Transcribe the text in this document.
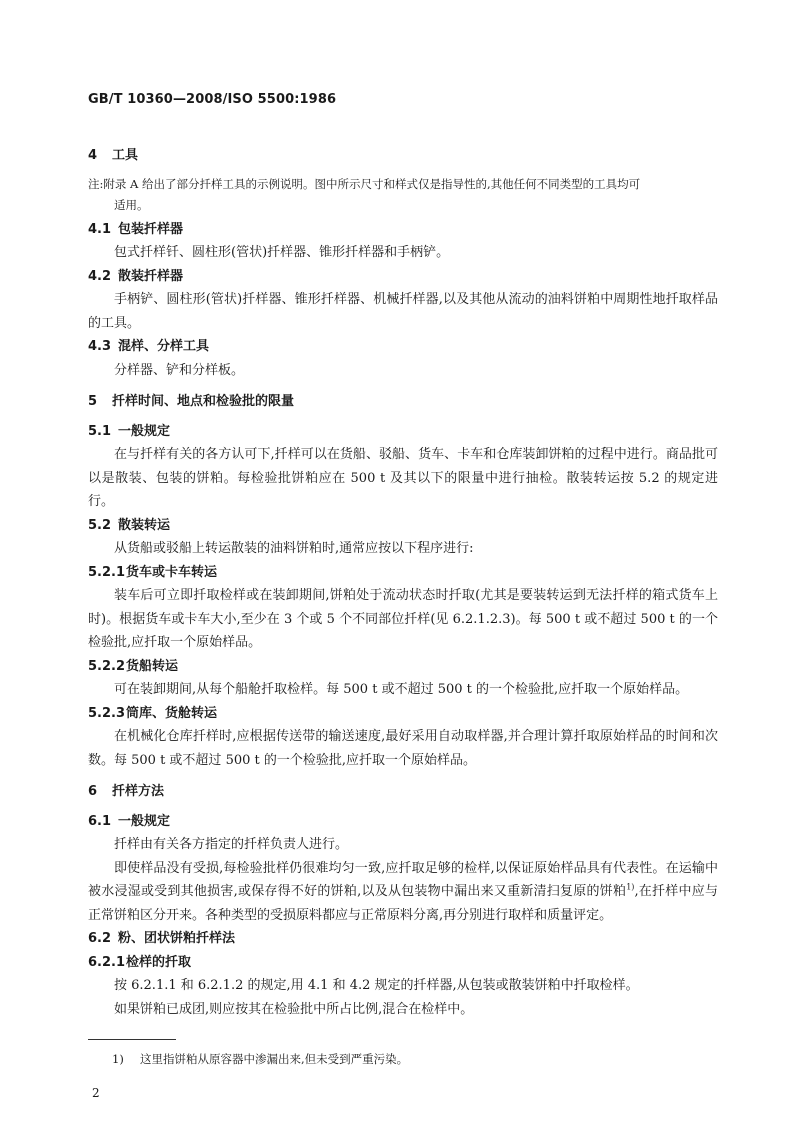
GB/T 10360—2008/ISO 5500:1986
4 工具
注:附录 A 给出了部分扦样工具的示例说明。图中所示尺寸和样式仅是指导性的,其他任何不同类型的工具均可
适用。
4.1 包装扦样器

包式扦样钎、圆柱形(管状)扦样器、锥形扦样器和手柄铲。

4.2 散装扦样器

手柄铲、圆柱形(管状)扦样器、锥形扦样器、机械扦样器,以及其他从流动的油料饼粕中周期性地扦取样品的工具。

4.3 混样、分样工具

分样器、铲和分样板。

5 扦样时间、地点和检验批的限量
5.1 一般规定

在与扦样有关的各方认可下,扦样可以在货船、驳船、货车、卡车和仓库装卸饼粕的过程中进行。商品批可以是散装、包装的饼粕。每检验批饼粕应在 500 t 及其以下的限量中进行抽检。散装转运按 5.2 的规定进行。

5.2 散装转运

从货船或驳船上转运散装的油料饼粕时,通常应按以下程序进行:

5.2.1货车或卡车转运

装车后可立即扦取检样或在装卸期间,饼粕处于流动状态时扦取(尤其是要装转运到无法扦样的箱式货车上时)。根据货车或卡车大小,至少在 3 个或 5 个不同部位扦样(见 6.2.1.2.3)。每 500 t 或不超过 500 t 的一个检验批,应扦取一个原始样品。

5.2.2货船转运

可在装卸期间,从每个船舱扦取检样。每 500 t 或不超过 500 t 的一个检验批,应扦取一个原始样品。

5.2.3筒库、货舱转运

在机械化仓库扦样时,应根据传送带的输送速度,最好采用自动取样器,并合理计算扦取原始样品的时间和次数。每 500 t 或不超过 500 t 的一个检验批,应扦取一个原始样品。

6 扦样方法
6.1 一般规定

扦样由有关各方指定的扦样负责人进行。

即使样品没有受损,每检验批样仍很难均匀一致,应扦取足够的检样,以保证原始样品具有代表性。在运输中被水浸湿或受到其他损害,或保存得不好的饼粕,以及从包装物中漏出来又重新清扫复原的饼粕$^{1)}$,在扦样中应与正常饼粕区分开来。各种类型的受损原料都应与正常原料分离,再分别进行取样和质量评定。

6.2 粉、团状饼粕扦样法
6.2.1检样的扦取

按 6.2.1.1 和 6.2.1.2 的规定,用 4.1 和 4.2 规定的扦样器,从包装或散装饼粕中扦取检样。

如果饼粕已成团,则应按其在检验批中所占比例,混合在检样中。

1) 这里指饼粕从原容器中渗漏出来,但未受到严重污染。
2
